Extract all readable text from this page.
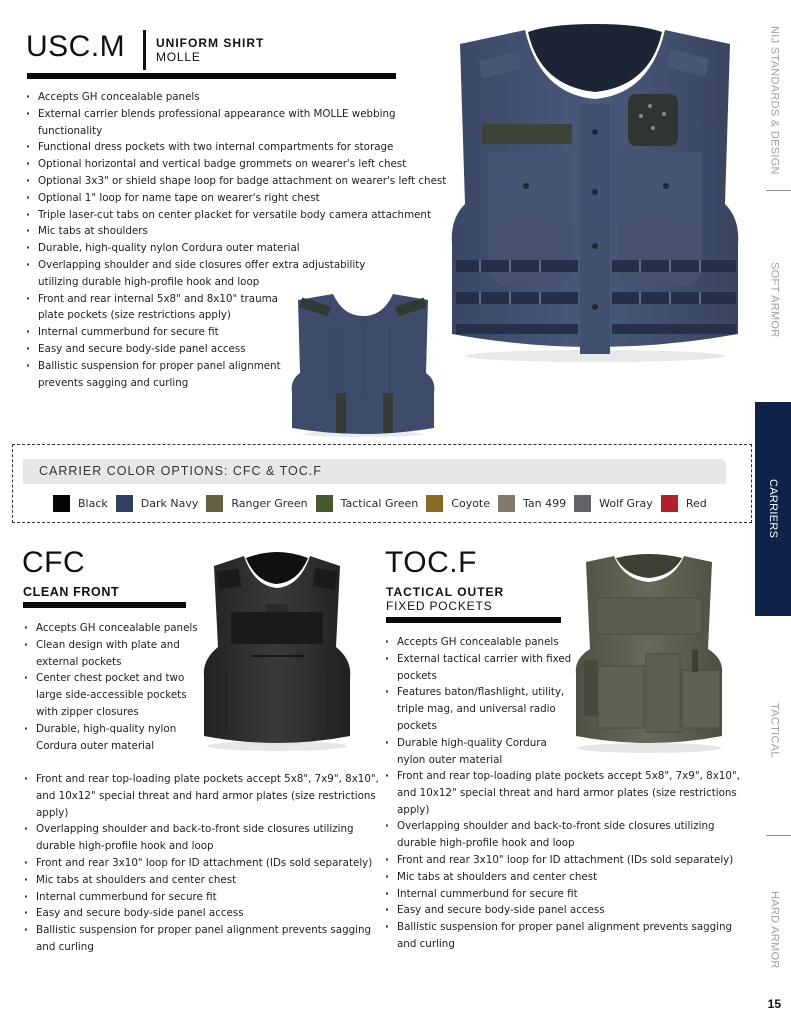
NIJ STANDARDS & DESIGN
SOFT ARMOR
CARRIERS
TACTICAL
HARD ARMOR
15
USC.M	UNIFORM SHIRT
MOLLE
· Accepts GH concealable panels
· External carrier blends professional appearance with MOLLE webbing functionality
· Functional dress pockets with two internal compartments for storage
· Optional horizontal and vertical badge grommets on wearer's left chest
· Optional 3x3" or shield shape loop for badge attachment on wearer's left chest
· Optional 1" loop for name tape on wearer's right chest
· Triple laser-cut tabs on center placket for versatile body camera attachment
· Mic tabs at shoulders
· Durable, high-quality nylon Cordura outer material
· Overlapping shoulder and side closures offer extra adjustability utilizing durable high-profile hook and loop
· Front and rear internal 5x8" and 8x10" trauma plate pockets (size restrictions apply)
· Internal cummerbund for secure fit
· Easy and secure body-side panel access
· Ballistic suspension for proper panel alignment prevents sagging and curling
CARRIER COLOR OPTIONS: CFC & TOC.F
Black	Dark Navy	Ranger Green	Tactical Green	Coyote	Tan 499	Wolf Gray	Red
CFC
CLEAN FRONT
· Accepts GH concealable panels
· Clean design with plate and external pockets
· Center chest pocket and two large side-accessible pockets with zipper closures
· Durable, high-quality nylon Cordura outer material
· Front and rear top-loading plate pockets accept 5x8", 7x9", 8x10", and 10x12" special threat and hard armor plates (size restrictions apply)
· Overlapping shoulder and back-to-front side closures utilizing durable high-profile hook and loop
· Front and rear 3x10" loop for ID attachment (IDs sold separately)
· Mic tabs at shoulders and center chest
· Internal cummerbund for secure fit
· Easy and secure body-side panel access
· Ballistic suspension for proper panel alignment prevents sagging and curling
TOC.F
TACTICAL OUTER
FIXED POCKETS
· Accepts GH concealable panels
· External tactical carrier with fixed pockets
· Features baton/flashlight, utility, triple mag, and universal radio pockets
· Durable high-quality Cordura nylon outer material
· Front and rear top-loading plate pockets accept 5x8", 7x9", 8x10", and 10x12" special threat and hard armor plates (size restrictions apply)
· Overlapping shoulder and back-to-front side closures utilizing durable high-profile hook and loop
· Front and rear 3x10" loop for ID attachment (IDs sold separately)
· Mic tabs at shoulders and center chest
· Internal cummerbund for secure fit
· Easy and secure body-side panel access
· Ballistic suspension for proper panel alignment prevents sagging and curling
